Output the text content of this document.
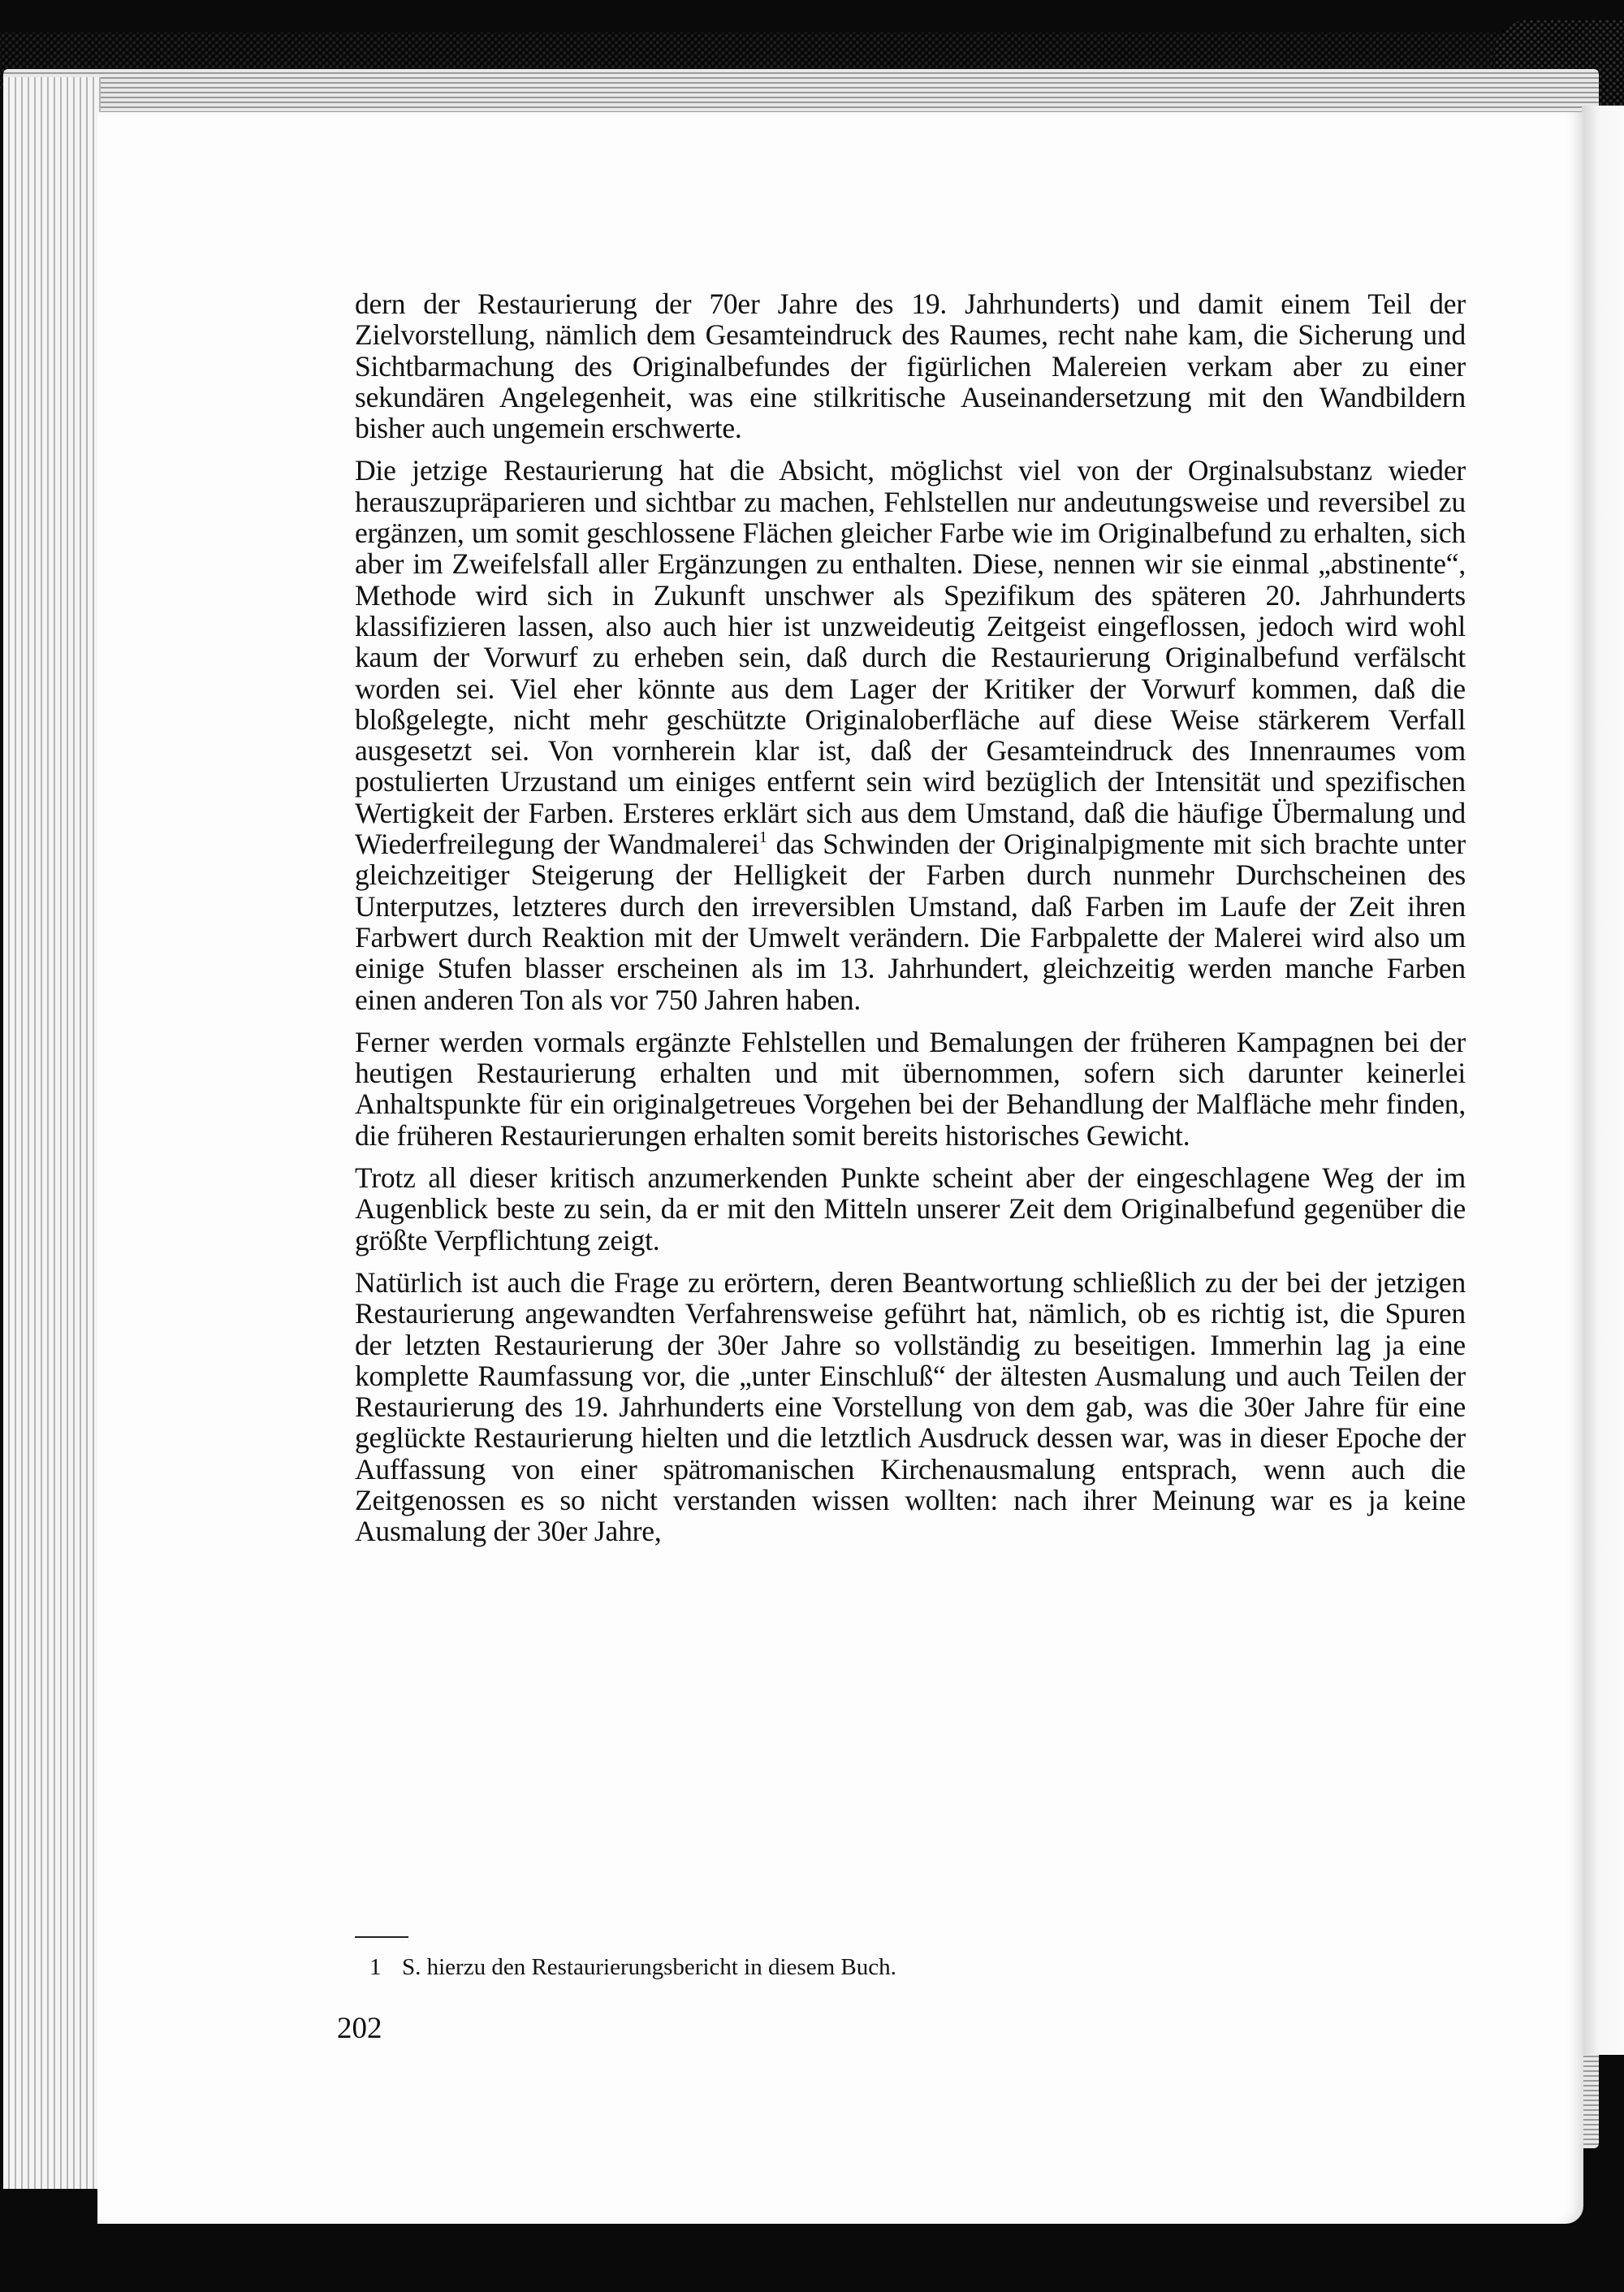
dern der Restaurierung der 70er Jahre des 19. Jahrhunderts) und damit einem Teil der Zielvorstellung, nämlich dem Gesamteindruck des Raumes, recht nahe kam, die Sicherung und Sichtbarmachung des Originalbefundes der figürlichen Malereien verkam aber zu einer sekundären Angelegenheit, was eine stilkritische Auseinandersetzung mit den Wandbildern bisher auch ungemein erschwerte.

Die jetzige Restaurierung hat die Absicht, möglichst viel von der Orginalsubstanz wieder herauszupräparieren und sichtbar zu machen, Fehlstellen nur andeutungsweise und reversibel zu ergänzen, um somit geschlossene Flächen gleicher Farbe wie im Originalbefund zu erhalten, sich aber im Zweifelsfall aller Ergänzungen zu enthalten. Diese, nennen wir sie einmal „abstinente“, Methode wird sich in Zukunft unschwer als Spezifikum des späteren 20. Jahrhunderts klassifizieren lassen, also auch hier ist unzweideutig Zeitgeist eingeflossen, jedoch wird wohl kaum der Vorwurf zu erheben sein, daß durch die Restaurierung Originalbefund verfälscht worden sei. Viel eher könnte aus dem Lager der Kritiker der Vorwurf kommen, daß die bloßgelegte, nicht mehr geschützte Originaloberfläche auf diese Weise stärkerem Verfall ausgesetzt sei. Von vornherein klar ist, daß der Gesamteindruck des Innenraumes vom postulierten Urzustand um einiges entfernt sein wird bezüglich der Intensität und spezifischen Wertigkeit der Farben. Ersteres erklärt sich aus dem Umstand, daß die häufige Übermalung und Wiederfreilegung der Wandmalerei$^1$ das Schwinden der Originalpigmente mit sich brachte unter gleichzeitiger Steigerung der Helligkeit der Farben durch nunmehr Durchscheinen des Unterputzes, letzteres durch den irreversiblen Umstand, daß Farben im Laufe der Zeit ihren Farbwert durch Reaktion mit der Umwelt verändern. Die Farbpalette der Malerei wird also um einige Stufen blasser erscheinen als im 13. Jahrhundert, gleichzeitig werden manche Farben einen anderen Ton als vor 750 Jahren haben.

Ferner werden vormals ergänzte Fehlstellen und Bemalungen der früheren Kampagnen bei der heutigen Restaurierung erhalten und mit übernommen, sofern sich darunter keinerlei Anhaltspunkte für ein originalgetreues Vorgehen bei der Behandlung der Malfläche mehr finden, die früheren Restaurierungen erhalten somit bereits historisches Gewicht.

Trotz all dieser kritisch anzumerkenden Punkte scheint aber der eingeschlagene Weg der im Augenblick beste zu sein, da er mit den Mitteln unserer Zeit dem Originalbefund gegenüber die größte Verpflichtung zeigt.

Natürlich ist auch die Frage zu erörtern, deren Beantwortung schließlich zu der bei der jetzigen Restaurierung angewandten Verfahrensweise geführt hat, nämlich, ob es richtig ist, die Spuren der letzten Restaurierung der 30er Jahre so vollständig zu beseitigen. Immerhin lag ja eine komplette Raumfassung vor, die „unter Einschluß“ der ältesten Ausmalung und auch Teilen der Restaurierung des 19. Jahrhunderts eine Vorstellung von dem gab, was die 30er Jahre für eine geglückte Restaurierung hielten und die letztlich Ausdruck dessen war, was in dieser Epoche der Auffassung von einer spätromanischen Kirchenausmalung entsprach, wenn auch die Zeitgenossen es so nicht verstanden wissen wollten: nach ihrer Meinung war es ja keine Ausmalung der 30er Jahre,

1 S. hierzu den Restaurierungsbericht in diesem Buch.
202
